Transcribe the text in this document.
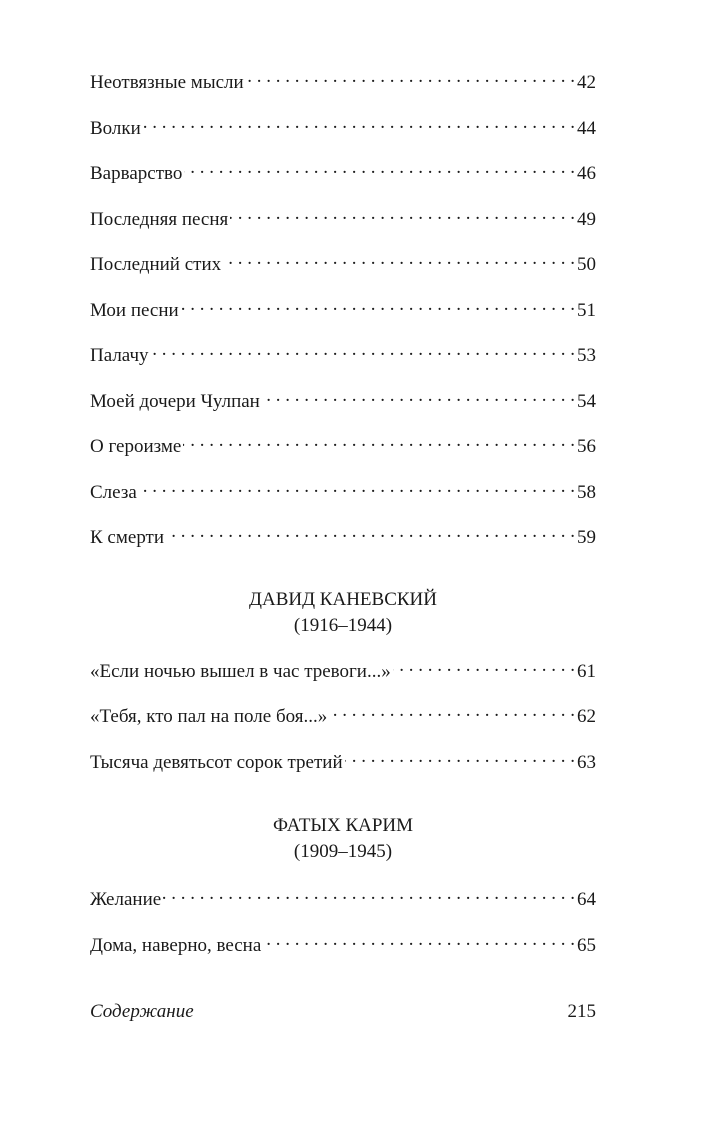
Неотвязные мысли . . .	42
Волки . . .	44
Варварство . . .	46
Последняя песня . . .	49
Последний стих . . .	50
Мои песни . . .	51
Палачу . . .	53
Моей дочери Чулпан . . .	54
О героизме . . .	56
Слеза . . .	58
К смерти . . .	59
ДАВИД КАНЕВСКИЙ
(1916–1944)
«Если ночью вышел в час тревоги...» . . .	61
«Тебя, кто пал на поле боя...» . . .	62
Тысяча девятьсот сорок третий . . .	63
ФАТЫХ КАРИМ
(1909–1945)
Желание . . .	64
Дома, наверно, весна . . .	65
Содержание	215
